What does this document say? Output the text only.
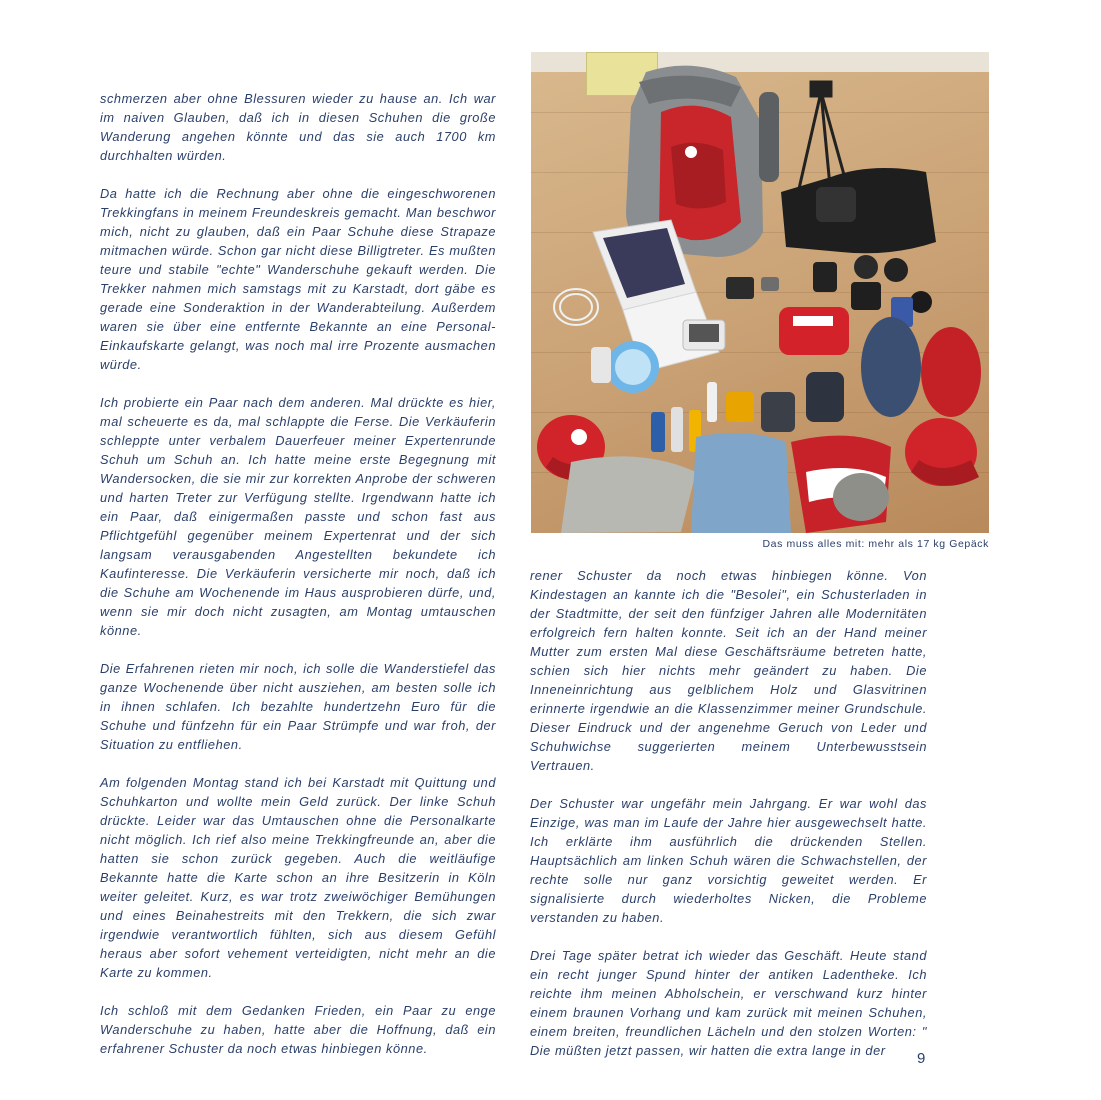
schmerzen aber ohne Blessuren wieder zu hause an. Ich war im naiven Glauben, daß ich in diesen Schuhen die große Wanderung angehen könnte und das sie auch 1700 km durchhalten würden.

Da hatte ich die Rechnung aber ohne die eingeschworenen Trekkingfans in meinem Freundeskreis gemacht. Man beschwor mich, nicht zu glauben, daß ein Paar Schuhe diese Strapaze mitmachen würde. Schon gar nicht diese Billigtreter. Es mußten teure und stabile "echte" Wanderschuhe gekauft werden. Die Trekker nahmen mich samstags mit zu Karstadt, dort gäbe es gerade eine Sonderaktion in der Wanderabteilung. Außerdem waren sie über eine entfernte Bekannte an eine Personal-Einkaufskarte gelangt, was noch mal irre Prozente ausmachen würde.

Ich probierte ein Paar nach dem anderen. Mal drückte es hier, mal scheuerte es da, mal schlappte die Ferse. Die Verkäuferin schleppte unter verbalem Dauerfeuer meiner Expertenrunde Schuh um Schuh an. Ich hatte meine erste Begegnung mit Wandersocken, die sie mir zur korrekten Anprobe der schweren und harten Treter zur Verfügung stellte. Irgendwann hatte ich ein Paar, daß einigermaßen passte und schon fast aus Pflichtgefühl gegenüber meinem Expertenrat und der sich langsam verausgabenden Angestellten bekundete ich Kaufinteresse. Die Verkäuferin versicherte mir noch, daß ich die Schuhe am Wochenende im Haus ausprobieren dürfe, und, wenn sie mir doch nicht zusagten, am Montag umtauschen könne.

Die Erfahrenen rieten mir noch, ich solle die Wanderstiefel das ganze Wochenende über nicht ausziehen, am besten solle ich in ihnen schlafen. Ich bezahlte hundertzehn Euro für die Schuhe und fünfzehn für ein Paar Strümpfe und war froh, der Situation zu entfliehen.

Am folgenden Montag stand ich bei Karstadt mit Quittung und Schuhkarton und wollte mein Geld zurück. Der linke Schuh drückte. Leider war das Umtauschen ohne die Personalkarte nicht möglich. Ich rief also meine Trekkingfreunde an, aber die hatten sie schon zurück gegeben. Auch die weitläufige Bekannte hatte die Karte schon an ihre Besitzerin in Köln weiter geleitet. Kurz, es war trotz zweiwöchiger Bemühungen und eines Beinahestreits mit den Trekkern, die sich zwar irgendwie verantwortlich fühlten, sich aus diesem Gefühl heraus aber sofort vehement verteidigten, nicht mehr an die Karte zu kommen.

Ich schloß mit dem Gedanken Frieden, ein Paar zu enge Wanderschuhe zu haben, hatte aber die Hoffnung, daß ein erfahrener Schuster da noch etwas hinbiegen könne.

Das muss alles mit: mehr als 17 kg Gepäck

rener Schuster da noch etwas hinbiegen könne. Von Kindestagen an kannte ich die "Besolei", ein Schusterladen in der Stadtmitte, der seit den fünfziger Jahren alle Modernitäten erfolgreich fern halten konnte. Seit ich an der Hand meiner Mutter zum ersten Mal diese Geschäftsräume betreten hatte, schien sich hier nichts mehr geändert zu haben. Die Inneneinrichtung aus gelblichem Holz und Glasvitrinen erinnerte irgendwie an die Klassenzimmer meiner Grundschule. Dieser Eindruck und der angenehme Geruch von Leder und Schuhwichse suggerierten meinem Unterbewusstsein Vertrauen.

Der Schuster war ungefähr mein Jahrgang. Er war wohl das Einzige, was man im Laufe der Jahre hier ausgewechselt hatte. Ich erklärte ihm ausführlich die drückenden Stellen. Hauptsächlich am linken Schuh wären die Schwachstellen, der rechte solle nur ganz vorsichtig geweitet werden. Er signalisierte durch wiederholtes Nicken, die Probleme verstanden zu haben.

Drei Tage später betrat ich wieder das Geschäft. Heute stand ein recht junger Spund hinter der antiken Ladentheke. Ich reichte ihm meinen Abholschein, er verschwand kurz hinter einem braunen Vorhang und kam zurück mit meinen Schuhen, einem breiten, freundlichen Lächeln und den stolzen Worten: " Die müßten jetzt passen, wir hatten die extra lange in der	9
